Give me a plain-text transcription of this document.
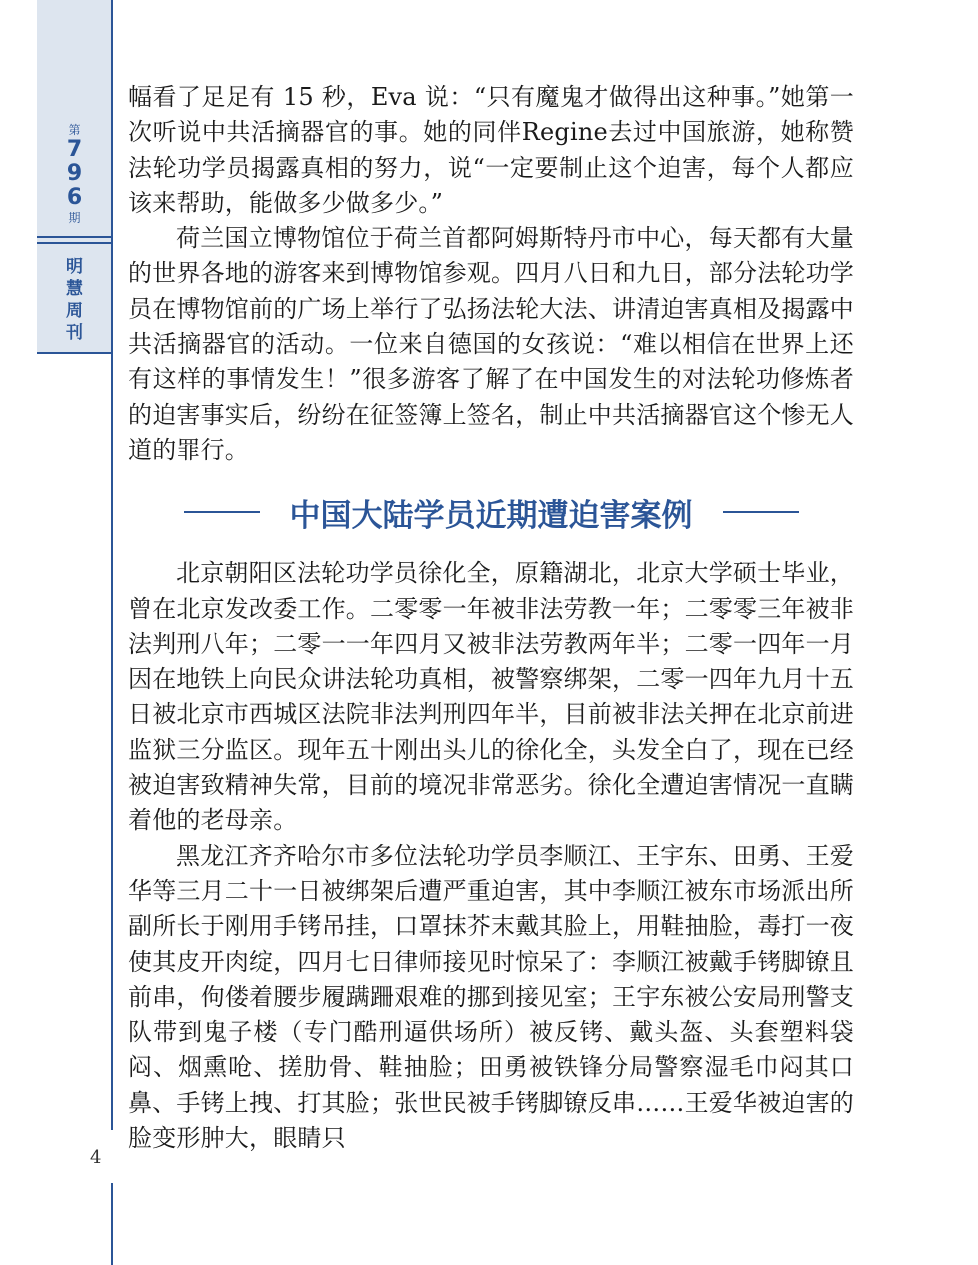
第
7
9
6
期
明
慧
周
刊
4

幅看了足足有 15 秒，Eva 说：“只有魔鬼才做得出这种事。”她第一次听说中共活摘器官的事。她的同伴Regine去过中国旅游，她称赞法轮功学员揭露真相的努力，说“一定要制止这个迫害，每个人都应该来帮助，能做多少做多少。”

荷兰国立博物馆位于荷兰首都阿姆斯特丹市中心，每天都有大量的世界各地的游客来到博物馆参观。四月八日和九日，部分法轮功学员在博物馆前的广场上举行了弘扬法轮大法、讲清迫害真相及揭露中共活摘器官的活动。一位来自德国的女孩说：“难以相信在世界上还有这样的事情发生！”很多游客了解了在中国发生的对法轮功修炼者的迫害事实后，纷纷在征签簿上签名，制止中共活摘器官这个惨无人道的罪行。

中国大陆学员近期遭迫害案例

北京朝阳区法轮功学员徐化全，原籍湖北，北京大学硕士毕业，曾在北京发改委工作。二零零一年被非法劳教一年；二零零三年被非法判刑八年；二零一一年四月又被非法劳教两年半；二零一四年一月因在地铁上向民众讲法轮功真相，被警察绑架，二零一四年九月十五日被北京市西城区法院非法判刑四年半，目前被非法关押在北京前进监狱三分监区。现年五十刚出头儿的徐化全，头发全白了，现在已经被迫害致精神失常，目前的境况非常恶劣。徐化全遭迫害情况一直瞒着他的老母亲。

黑龙江齐齐哈尔市多位法轮功学员李顺江、王宇东、田勇、王爱华等三月二十一日被绑架后遭严重迫害，其中李顺江被东市场派出所副所长于刚用手铐吊挂，口罩抹芥末戴其脸上，用鞋抽脸，毒打一夜使其皮开肉绽，四月七日律师接见时惊呆了：李顺江被戴手铐脚镣且前串，佝偻着腰步履蹒跚艰难的挪到接见室；王宇东被公安局刑警支队带到鬼子楼（专门酷刑逼供场所）被反铐、戴头盔、头套塑料袋闷、烟熏呛、搓肋骨、鞋抽脸；田勇被铁锋分局警察湿毛巾闷其口鼻、手铐上拽、打其脸；张世民被手铐脚镣反串……王爱华被迫害的脸变形肿大，眼睛只
